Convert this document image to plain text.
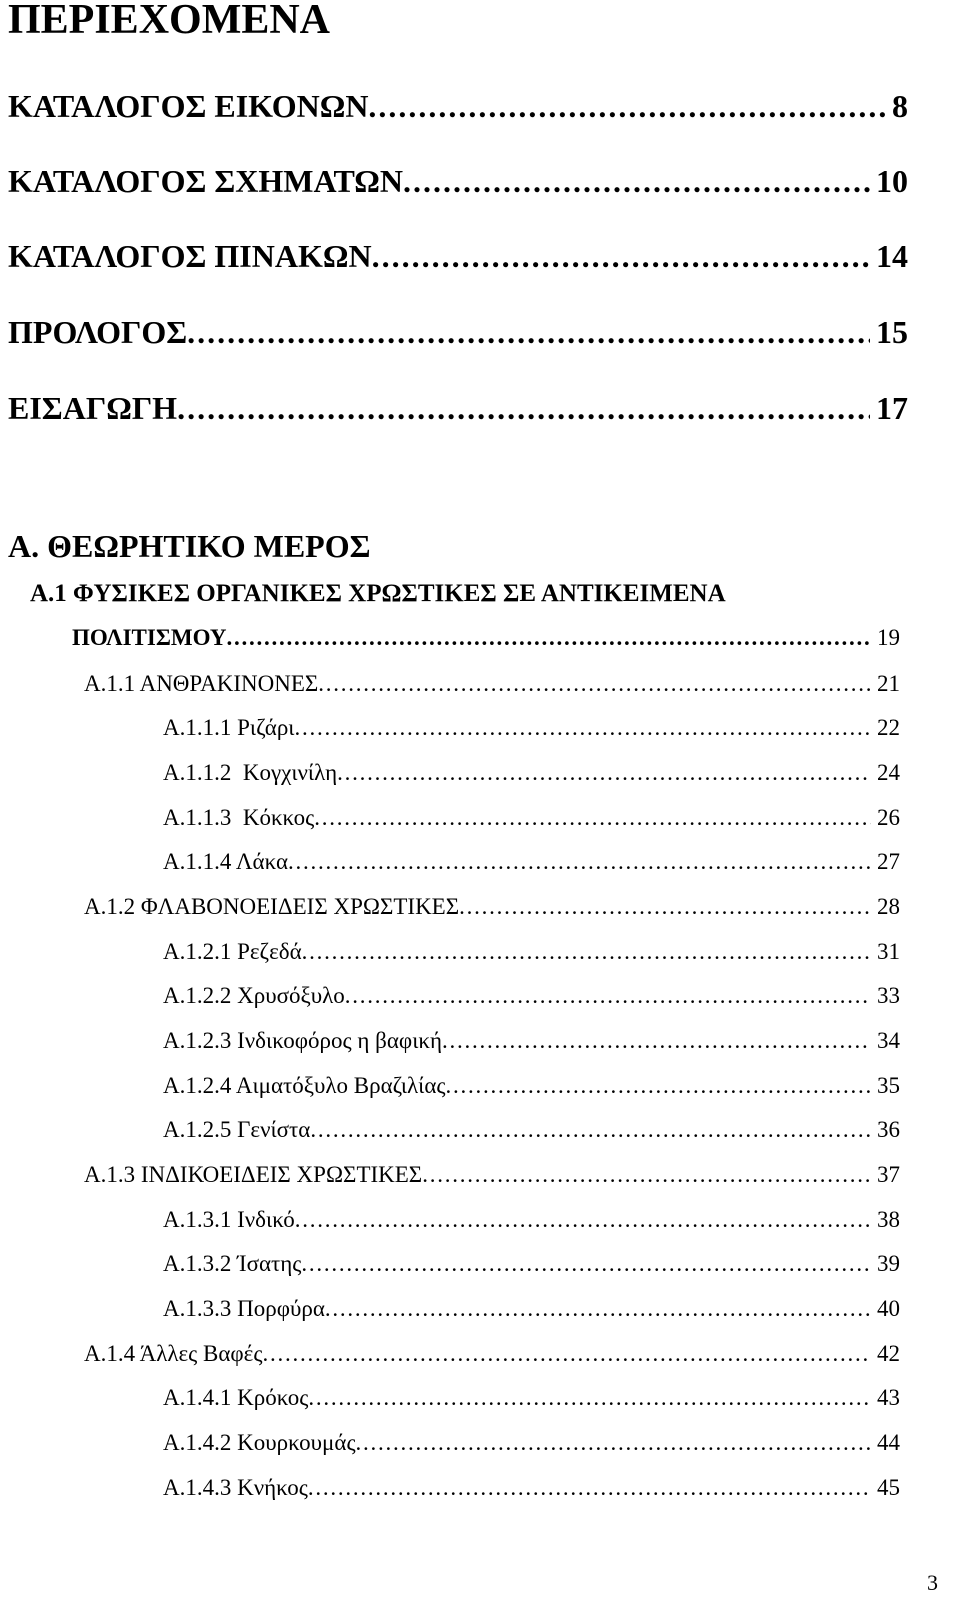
ΠΕΡΙΕΧΟΜΕΝΑ
ΚΑΤΑΛΟΓΟΣ ΕΙΚΟΝΩΝ . . .	8
ΚΑΤΑΛΟΓΟΣ ΣΧΗΜΑΤΩΝ . . .	10
ΚΑΤΑΛΟΓΟΣ ΠΙΝΑΚΩΝ . . .	14
ΠΡΟΛΟΓΟΣ . . .	15
ΕΙΣΑΓΩΓΗ . . .	17
Α. ΘΕΩΡΗΤΙΚΟ ΜΕΡΟΣ
Α.1 ΦΥΣΙΚΕΣ ΟΡΓΑΝΙΚΕΣ ΧΡΩΣΤΙΚΕΣ ΣΕ ΑΝΤΙΚΕΙΜΕΝΑ
ΠΟΛΙΤΙΣΜΟΥ . . .	19
Α.1.1 ΑΝΘΡΑΚΙΝΟΝΕΣ . . .	21
Α.1.1.1 Ριζάρι . . .	22
Α.1.1.2  Κογχινίλη . . .	24
Α.1.1.3  Κόκκος . . .	26
Α.1.1.4 Λάκα . . .	27
Α.1.2 ΦΛΑΒΟΝΟΕΙΔΕΙΣ ΧΡΩΣΤΙΚΕΣ . . .	28
Α.1.2.1 Ρεζεδά . . .	31
Α.1.2.2 Χρυσόξυλο . . .	33
Α.1.2.3 Ινδικοφόρος η βαφική . . .	34
Α.1.2.4 Αιματόξυλο Βραζιλίας . . .	35
Α.1.2.5 Γενίστα . . .	36
Α.1.3 ΙΝΔΙΚΟΕΙΔΕΙΣ ΧΡΩΣΤΙΚΕΣ . . .	37
Α.1.3.1 Ινδικό . . .	38
Α.1.3.2 Ίσατης . . .	39
Α.1.3.3 Πορφύρα . . .	40
Α.1.4 Άλλες Βαφές . . .	42
Α.1.4.1 Κρόκος . . .	43
Α.1.4.2 Κουρκουμάς . . .	44
Α.1.4.3 Κνήκος . . .	45
3
